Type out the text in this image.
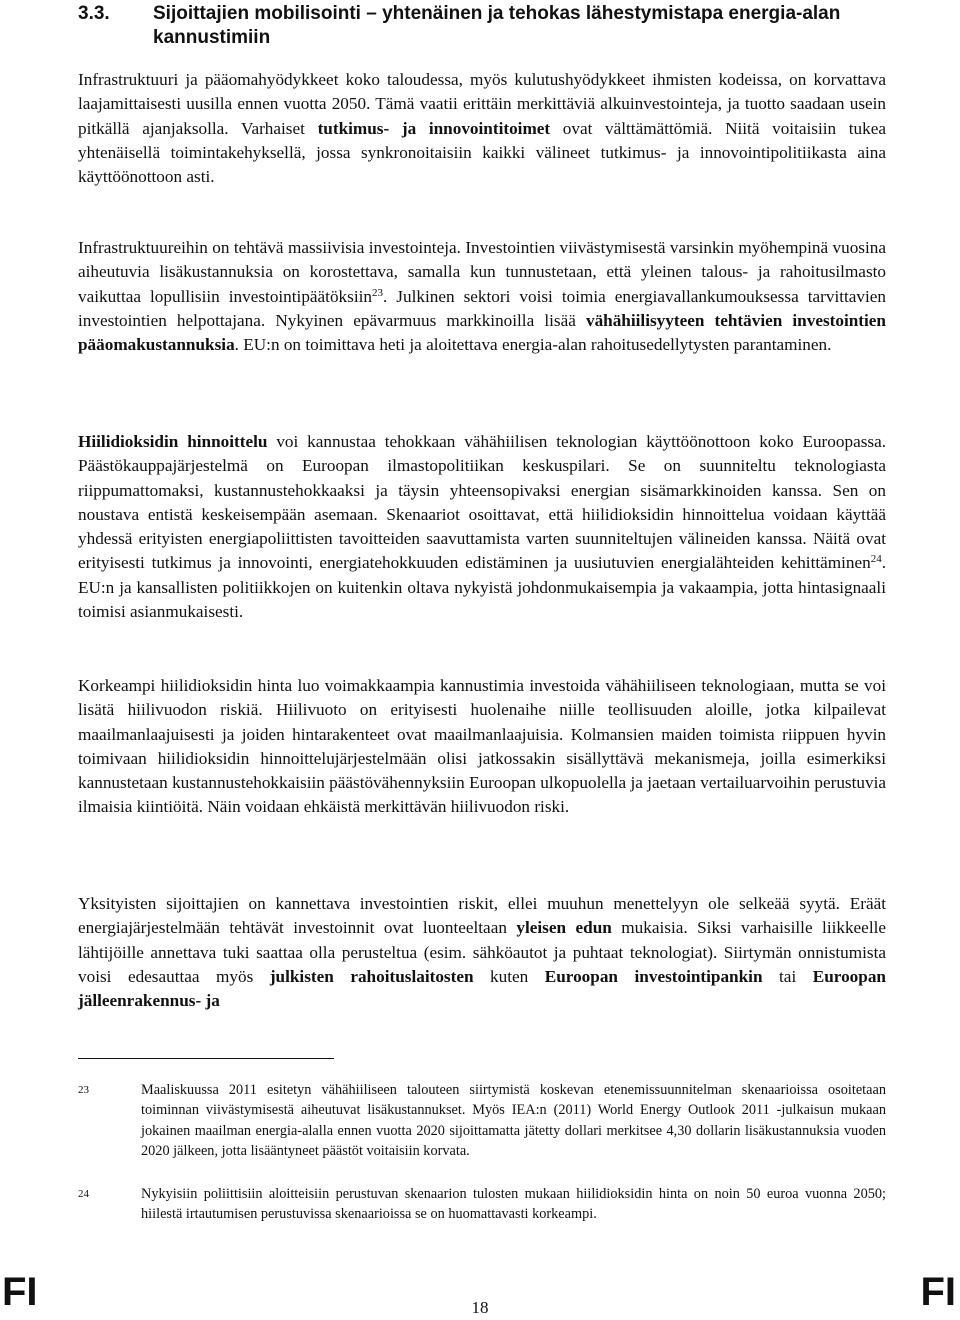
3.3. Sijoittajien mobilisointi – yhtenäinen ja tehokas lähestymistapa energia-alan kannustimiin

Infrastruktuuri ja pääomahyödykkeet koko taloudessa, myös kulutushyödykkeet ihmisten kodeissa, on korvattava laajamittaisesti uusilla ennen vuotta 2050. Tämä vaatii erittäin merkittäviä alkuinvestointeja, ja tuotto saadaan usein pitkällä ajanjaksolla. Varhaiset tutkimus- ja innovointitoimet ovat välttämättömiä. Niitä voitaisiin tukea yhtenäisellä toimintakehyksellä, jossa synkronoitaisiin kaikki välineet tutkimus- ja innovointipolitiikasta aina käyttöönottoon asti.

Infrastruktuureihin on tehtävä massiivisia investointeja. Investointien viivästymisestä varsinkin myöhempinä vuosina aiheutuvia lisäkustannuksia on korostettava, samalla kun tunnustetaan, että yleinen talous- ja rahoitusilmasto vaikuttaa lopullisiin investointipäätöksiin$^{23}$. Julkinen sektori voisi toimia energiavallankumouksessa tarvittavien investointien helpottajana. Nykyinen epävarmuus markkinoilla lisää vähähiilisyyteen tehtävien investointien pääomakustannuksia. EU:n on toimittava heti ja aloitettava energia-alan rahoitusedellytysten parantaminen.

Hiilidioksidin hinnoittelu voi kannustaa tehokkaan vähähiilisen teknologian käyttöönottoon koko Euroopassa. Päästökauppajärjestelmä on Euroopan ilmastopolitiikan keskuspilari. Se on suunniteltu teknologiasta riippumattomaksi, kustannustehokkaaksi ja täysin yhteensopivaksi energian sisämarkkinoiden kanssa. Sen on noustava entistä keskeisempään asemaan. Skenaariot osoittavat, että hiilidioksidin hinnoittelua voidaan käyttää yhdessä erityisten energiapoliittisten tavoitteiden saavuttamista varten suunniteltujen välineiden kanssa. Näitä ovat erityisesti tutkimus ja innovointi, energiatehokkuuden edistäminen ja uusiutuvien energialähteiden kehittäminen$^{24}$. EU:n ja kansallisten politiikkojen on kuitenkin oltava nykyistä johdonmukaisempia ja vakaampia, jotta hintasignaali toimisi asianmukaisesti.

Korkeampi hiilidioksidin hinta luo voimakkaampia kannustimia investoida vähähiiliseen teknologiaan, mutta se voi lisätä hiilivuodon riskiä. Hiilivuoto on erityisesti huolenaihe niille teollisuuden aloille, jotka kilpailevat maailmanlaajuisesti ja joiden hintarakenteet ovat maailmanlaajuisia. Kolmansien maiden toimista riippuen hyvin toimivaan hiilidioksidin hinnoittelujärjestelmään olisi jatkossakin sisällyttävä mekanismeja, joilla esimerkiksi kannustetaan kustannustehokkaisiin päästövähennyksiin Euroopan ulkopuolella ja jaetaan vertailuarvoihin perustuvia ilmaisia kiintiöitä. Näin voidaan ehkäistä merkittävän hiilivuodon riski.

Yksityisten sijoittajien on kannettava investointien riskit, ellei muuhun menettelyyn ole selkeää syytä. Eräät energiajärjestelmään tehtävät investoinnit ovat luonteeltaan yleisen edun mukaisia. Siksi varhaisille liikkeelle lähtijöille annettava tuki saattaa olla perusteltua (esim. sähköautot ja puhtaat teknologiat). Siirtymän onnistumista voisi edesauttaa myös julkisten rahoituslaitosten kuten Euroopan investointipankin tai Euroopan jälleenrakennus- ja

23	Maaliskuussa 2011 esitetyn vähähiiliseen talouteen siirtymistä koskevan etenemissuunnitelman skenaarioissa osoitetaan toiminnan viivästymisestä aiheutuvat lisäkustannukset. Myös IEA:n (2011) World Energy Outlook 2011 -julkaisun mukaan jokainen maailman energia-alalla ennen vuotta 2020 sijoittamatta jätetty dollari merkitsee 4,30 dollarin lisäkustannuksia vuoden 2020 jälkeen, jotta lisääntyneet päästöt voitaisiin korvata.
24	Nykyisiin poliittisiin aloitteisiin perustuvan skenaarion tulosten mukaan hiilidioksidin hinta on noin 50 euroa vuonna 2050; hiilestä irtautumisen perustuvissa skenaarioissa se on huomattavasti korkeampi.
FI	18	FI
